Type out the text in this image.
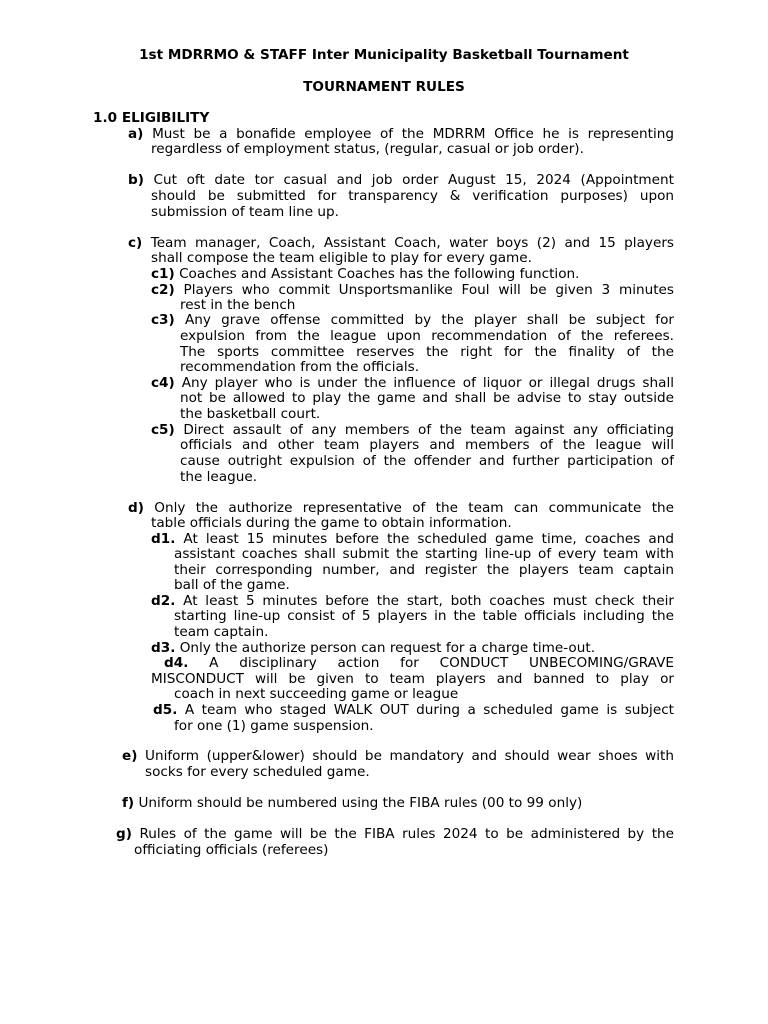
1st MDRRMO & STAFF Inter Municipality Basketball Tournament
TOURNAMENT RULES
1.0 ELIGIBILITY
a) Must be a bonafide employee of the MDRRM Office he is representing
regardless of employment status, (regular, casual or job order).
b) Cut oft date tor casual and job order August 15, 2024 (Appointment
should be submitted for transparency & verification purposes) upon
submission of team line up.
c) Team manager, Coach, Assistant Coach, water boys (2) and 15 players
shall compose the team eligible to play for every game.
c1) Coaches and Assistant Coaches has the following function.
c2) Players who commit Unsportsmanlike Foul will be given 3 minutes
rest in the bench
c3) Any grave offense committed by the player shall be subject for
expulsion from the league upon recommendation of the referees.
The sports committee reserves the right for the finality of the
recommendation from the officials.
c4) Any player who is under the influence of liquor or illegal drugs shall
not be allowed to play the game and shall be advise to stay outside
the basketball court.
c5) Direct assault of any members of the team against any officiating
officials and other team players and members of the league will
cause outright expulsion of the offender and further participation of
the league.
d) Only the authorize representative of the team can communicate the
table officials during the game to obtain information.
d1. At least 15 minutes before the scheduled game time, coaches and
assistant coaches shall submit the starting line-up of every team with
their corresponding number, and register the players team captain
ball of the game.
d2. At least 5 minutes before the start, both coaches must check their
starting line-up consist of 5 players in the table officials including the
team captain.
d3. Only the authorize person can request for a charge time-out.
d4. A disciplinary action for CONDUCT UNBECOMING/GRAVE
MISCONDUCT will be given to team players and banned to play or
coach in next succeeding game or league
d5. A team who staged WALK OUT during a scheduled game is subject
for one (1) game suspension.
e) Uniform (upper&lower) should be mandatory and should wear shoes with
socks for every scheduled game.
f) Uniform should be numbered using the FIBA rules (00 to 99 only)
g) Rules of the game will be the FIBA rules 2024 to be administered by the
officiating officials (referees)
